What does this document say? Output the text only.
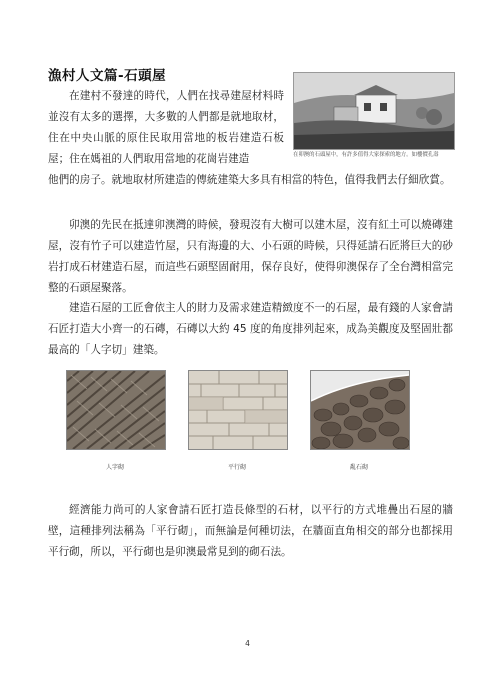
漁村人文篇-石頭屋

在建村不發達的時代，人們在找尋建屋材料時並沒有太多的選擇，大多數的人們都是就地取材，住在中央山脈的原住民取用當地的板岩建造石板屋；住在媽祖的人們取用當地的花崗岩建造

他們的房子。就地取材所建造的傳統建築大多具有相當的特色，值得我們去仔細欣賞。

在卯澳的石頭屋中，有許多值得大家探索的地方。如樓價孔壽

卯澳的先民在抵達卯澳灣的時候，發現沒有大樹可以建木屋，沒有紅土可以燒磚建屋，沒有竹子可以建造竹屋，只有海邊的大、小石頭的時候，只得延請石匠將巨大的砂岩打成石材建造石屋，而這些石頭堅固耐用，保存良好，使得卯澳保存了全台灣相當完整的石頭屋聚落。

建造石屋的工匠會依主人的財力及需求建造精緻度不一的石屋，最有錢的人家會請石匠打造大小齊一的石磚，石磚以大約 45 度的角度排列起來，成為美觀度及堅固壯都最高的「人字切」建築。

人字砌	平行砌	亂石砌

經濟能力尚可的人家會請石匠打造長條型的石材，以平行的方式堆疊出石屋的牆壁，這種排列法稱為「平行砌」，而無論是何種切法，在牆面直角相交的部分也都採用平行砌，所以，平行砌也是卯澳最常見到的砌石法。

4
